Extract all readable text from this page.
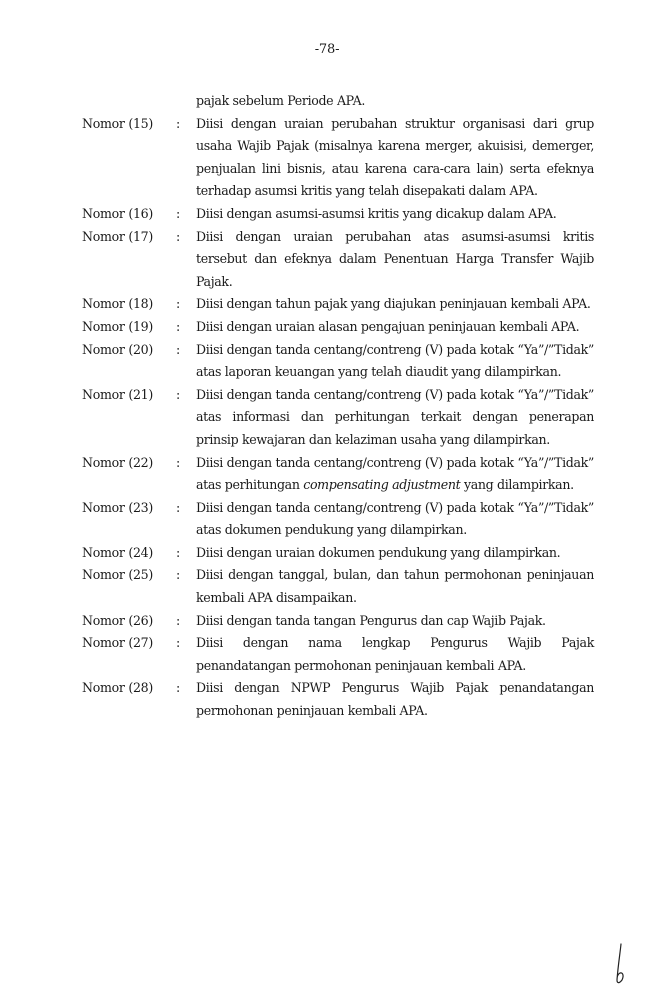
-78-
pajak sebelum Periode APA.
Nomor (15)	:	Diisi dengan uraian perubahan struktur organisasi dari grup usaha Wajib Pajak (misalnya karena merger, akuisisi, demerger, penjualan lini bisnis, atau karena cara-cara lain) serta efeknya terhadap asumsi kritis yang telah disepakati dalam APA.
Nomor (16)	:	Diisi dengan asumsi-asumsi kritis yang dicakup dalam APA.
Nomor (17)	:	Diisi dengan uraian perubahan atas asumsi-asumsi kritis tersebut dan efeknya dalam Penentuan Harga Transfer Wajib Pajak.
Nomor (18)	:	Diisi dengan tahun pajak yang diajukan peninjauan kembali APA.
Nomor (19)	:	Diisi dengan uraian alasan pengajuan peninjauan kembali APA.
Nomor (20)	:	Diisi dengan tanda centang/contreng (V) pada kotak “Ya”/”Tidak” atas laporan keuangan yang telah diaudit yang dilampirkan.
Nomor (21)	:	Diisi dengan tanda centang/contreng (V) pada kotak “Ya”/”Tidak” atas informasi dan perhitungan terkait dengan penerapan prinsip kewajaran dan kelaziman usaha yang dilampirkan.
Nomor (22)	:	Diisi dengan tanda centang/contreng (V) pada kotak “Ya”/”Tidak” atas perhitungan compensating adjustment yang dilampirkan.
Nomor (23)	:	Diisi dengan tanda centang/contreng (V) pada kotak “Ya”/”Tidak” atas dokumen pendukung yang dilampirkan.
Nomor (24)	:	Diisi dengan uraian dokumen pendukung yang dilampirkan.
Nomor (25)	:	Diisi dengan tanggal, bulan, dan tahun permohonan peninjauan kembali APA disampaikan.
Nomor (26)	:	Diisi dengan tanda tangan Pengurus dan cap Wajib Pajak.
Nomor (27)	:	Diisi dengan nama lengkap Pengurus Wajib Pajak penandatangan permohonan peninjauan kembali APA.
Nomor (28)	:	Diisi dengan NPWP Pengurus Wajib Pajak penandatangan permohonan peninjauan kembali APA.
